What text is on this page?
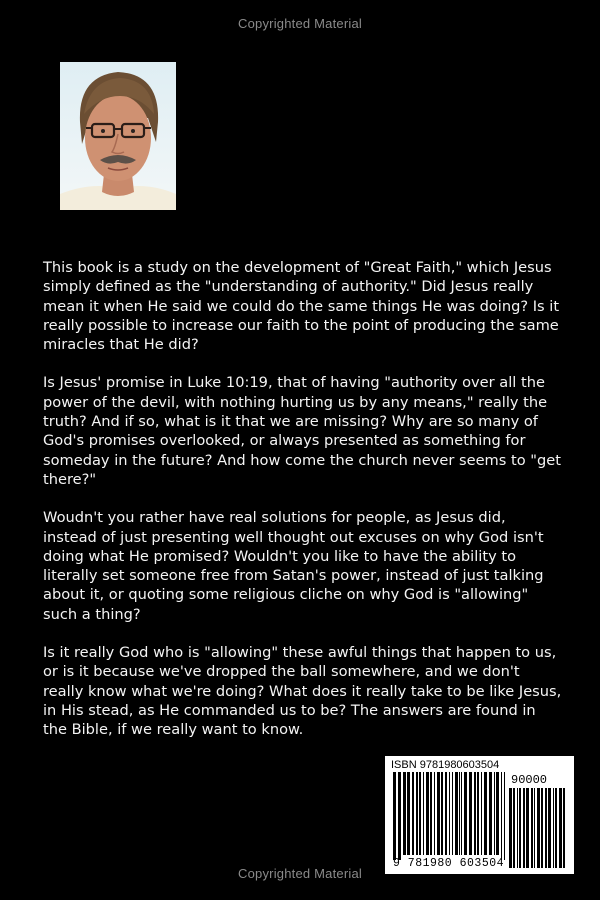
Copyrighted Material

This book is a study on the development of "Great Faith," which Jesus simply defined as the "understanding of authority." Did Jesus really mean it when He said we could do the same things He was doing? Is it really possible to increase our faith to the point of producing the same miracles that He did?

Is Jesus' promise in Luke 10:19, that of having "authority over all the power of the devil, with nothing hurting us by any means," really the truth? And if so, what is it that we are missing? Why are so many of God's promises overlooked, or always presented as something for someday in the future? And how come the church never seems to "get there?"

Woudn't you rather have real solutions for people, as Jesus did, instead of just presenting well thought out excuses on why God isn't doing what He promised? Wouldn't you like to have the ability to literally set someone free from Satan's power, instead of just talking about it, or quoting some religious cliche on why God is "allowing" such a thing?

Is it really God who is "allowing" these awful things that happen to us, or is it because we've dropped the ball somewhere, and we don't really know what we're doing? What does it really take to be like Jesus, in His stead, as He commanded us to be? The answers are found in the Bible, if we really want to know.

ISBN 9781980603504
90000
9 781980 603504
Copyrighted Material
